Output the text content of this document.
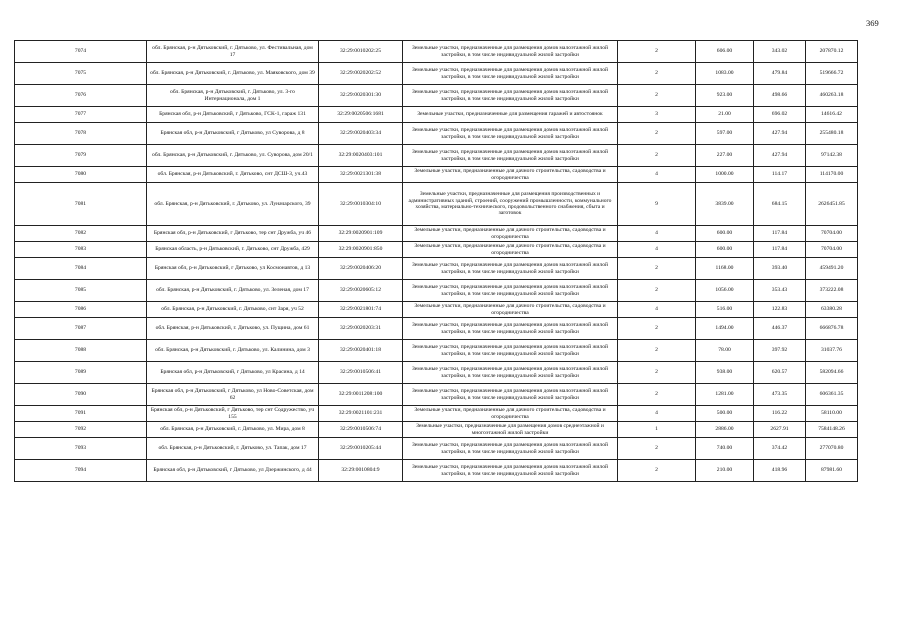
369
7074	обл. Брянская, р-н Дятьковский, г. Дятьково, ул. Фестивальная, дом 17	32:29:0010202:25	Земельные участки, предназначенные для размещения домов малоэтажной жилой застройки, в том числе индивидуальной жилой застройки	2	606.00	343.02	207870.12
7075	обл. Брянская, р-н Дятьковский, г. Дятьково, ул. Маяковского, дом 39	32:29:0020202:52	Земельные участки, предназначенные для размещения домов малоэтажной жилой застройки, в том числе индивидуальной жилой застройки	2	1083.00	479.84	519666.72
7076	обл. Брянская, р-н Дятьковский, г. Дятьково, ул. 3-го Интернационала, дом 1	32:29:0020301:30	Земельные участки, предназначенные для размещения домов малоэтажной жилой застройки, в том числе индивидуальной жилой застройки	2	923.00	498.66	460263.18
7077	Брянская обл, р-н Дятьковский, г Дятьково, ГСК-1, гараж 131	32:29:0020506:1681	Земельные участки, предназначенные для размещения гаражей и автостоянок	3	21.00	696.02	14616.42
7078	Брянская обл, р-н Дятьковский, г Дятьково, ул Суворова, д 8	32:29:0020403:34	Земельные участки, предназначенные для размещения домов малоэтажной жилой застройки, в том числе индивидуальной жилой застройки	2	597.00	427.94	255480.18
7079	обл. Брянская, р-н Дятьковский, г. Дятьково, ул. Суворова, дом 20/1	32:29:0020403:101	Земельные участки, предназначенные для размещения домов малоэтажной жилой застройки, в том числе индивидуальной жилой застройки	2	227.00	427.94	97142.38
7080	обл. Брянская, р-н Дятьковский, г. Дятьково, снт ДСШ-3, уч.43	32:29:0021301:38	Земельные участки, предназначенные для дачного строительства, садоводства и огородничества	4	1000.00	114.17	114170.00
7081	обл. Брянская, р-н Дятьковский, г. Дятьково, ул. Луначарского, 39	32:29:0010304:10	Земельные участки, предназначенные для размещения производственных и административных зданий, строений, сооружений промышленности, коммунального хозяйства, материально-технического, продовольственного снабжения, сбыта и заготовок	9	3839.00	684.15	2626451.85
7082	Брянская обл, р-н Дятьковский, г Дятьково, тер снт Дружба, уч 46	32:29:0020901:109	Земельные участки, предназначенные для дачного строительства, садоводства и огородничества	4	600.00	117.84	70704.00
7083	Брянская область, р-н Дятьковский, г. Дятьково, снт Дружба, 429	32:29:0020901:850	Земельные участки, предназначенные для дачного строительства, садоводства и огородничества	4	600.00	117.84	70704.00
7084	Брянская обл, р-н Дятьковский, г Дятьково, ул Космонавтов, д 13	32:29:0020406:20	Земельные участки, предназначенные для размещения домов малоэтажной жилой застройки, в том числе индивидуальной жилой застройки	2	1168.00	393.40	459491.20
7085	обл. Брянская, р-н Дятьковский, г. Дятьково, ул. Зеленая, дом 17	32:29:0020605:12	Земельные участки, предназначенные для размещения домов малоэтажной жилой застройки, в том числе индивидуальной жилой застройки	2	1056.00	353.43	373222.08
7086	обл. Брянская, р-н Дятьковский, г. Дятьково, снт Заря, уч 52	32:29:0021801:74	Земельные участки, предназначенные для дачного строительства, садоводства и огородничества	4	516.00	122.83	63380.28
7087	обл. Брянская, р-н Дятьковский, г. Дятьково, ул. Пущина, дом 61	32:29:0020203:31	Земельные участки, предназначенные для размещения домов малоэтажной жилой застройки, в том числе индивидуальной жилой застройки	2	1494.00	446.37	666876.78
7088	обл. Брянская, р-н Дятьковский, г. Дятьково, ул. Калинина, дом 3	32:29:0020401:18	Земельные участки, предназначенные для размещения домов малоэтажной жилой застройки, в том числе индивидуальной жилой застройки	2	78.00	397.92	31037.76
7089	Брянская обл, р-н Дятьковский, г Дятьково, ул Красина, д 14	32:29:0010506:41	Земельные участки, предназначенные для размещения домов малоэтажной жилой застройки, в том числе индивидуальной жилой застройки	2	938.00	620.57	582094.66
7090	Брянская обл, р-н Дятьковский, г Дятьково, ул Ново-Советская, дом 62	32:29:0011208:100	Земельные участки, предназначенные для размещения домов малоэтажной жилой застройки, в том числе индивидуальной жилой застройки	2	1281.00	473.35	606361.35
7091	Брянская обл, р-н Дятьковский, г Дятьково, тер снт Содружество, уч 155	32:29:0021101:231	Земельные участки, предназначенные для дачного строительства, садоводства и огородничества	4	500.00	116.22	58110.00
7092	обл. Брянская, р-н Дятьковский, г. Дятьково, ул. Мира, дом 8	32:29:0010506:74	Земельные участки, предназначенные для размещения домов среднеэтажной и многоэтажной жилой застройки	1	2886.00	2627.91	7584148.26
7093	обл. Брянская, р-н Дятьковский, г. Дятьково, ул. Тапак, дом 17	32:29:0010205:44	Земельные участки, предназначенные для размещения домов малоэтажной жилой застройки, в том числе индивидуальной жилой застройки	2	740.00	374.42	277070.80
7094	Брянская обл, р-н Дятьковский, г Дятьково, ул Дзержинского, д 44	32:29:0010804:9	Земельные участки, предназначенные для размещения домов малоэтажной жилой застройки, в том числе индивидуальной жилой застройки	2	210.00	418.96	87981.60
